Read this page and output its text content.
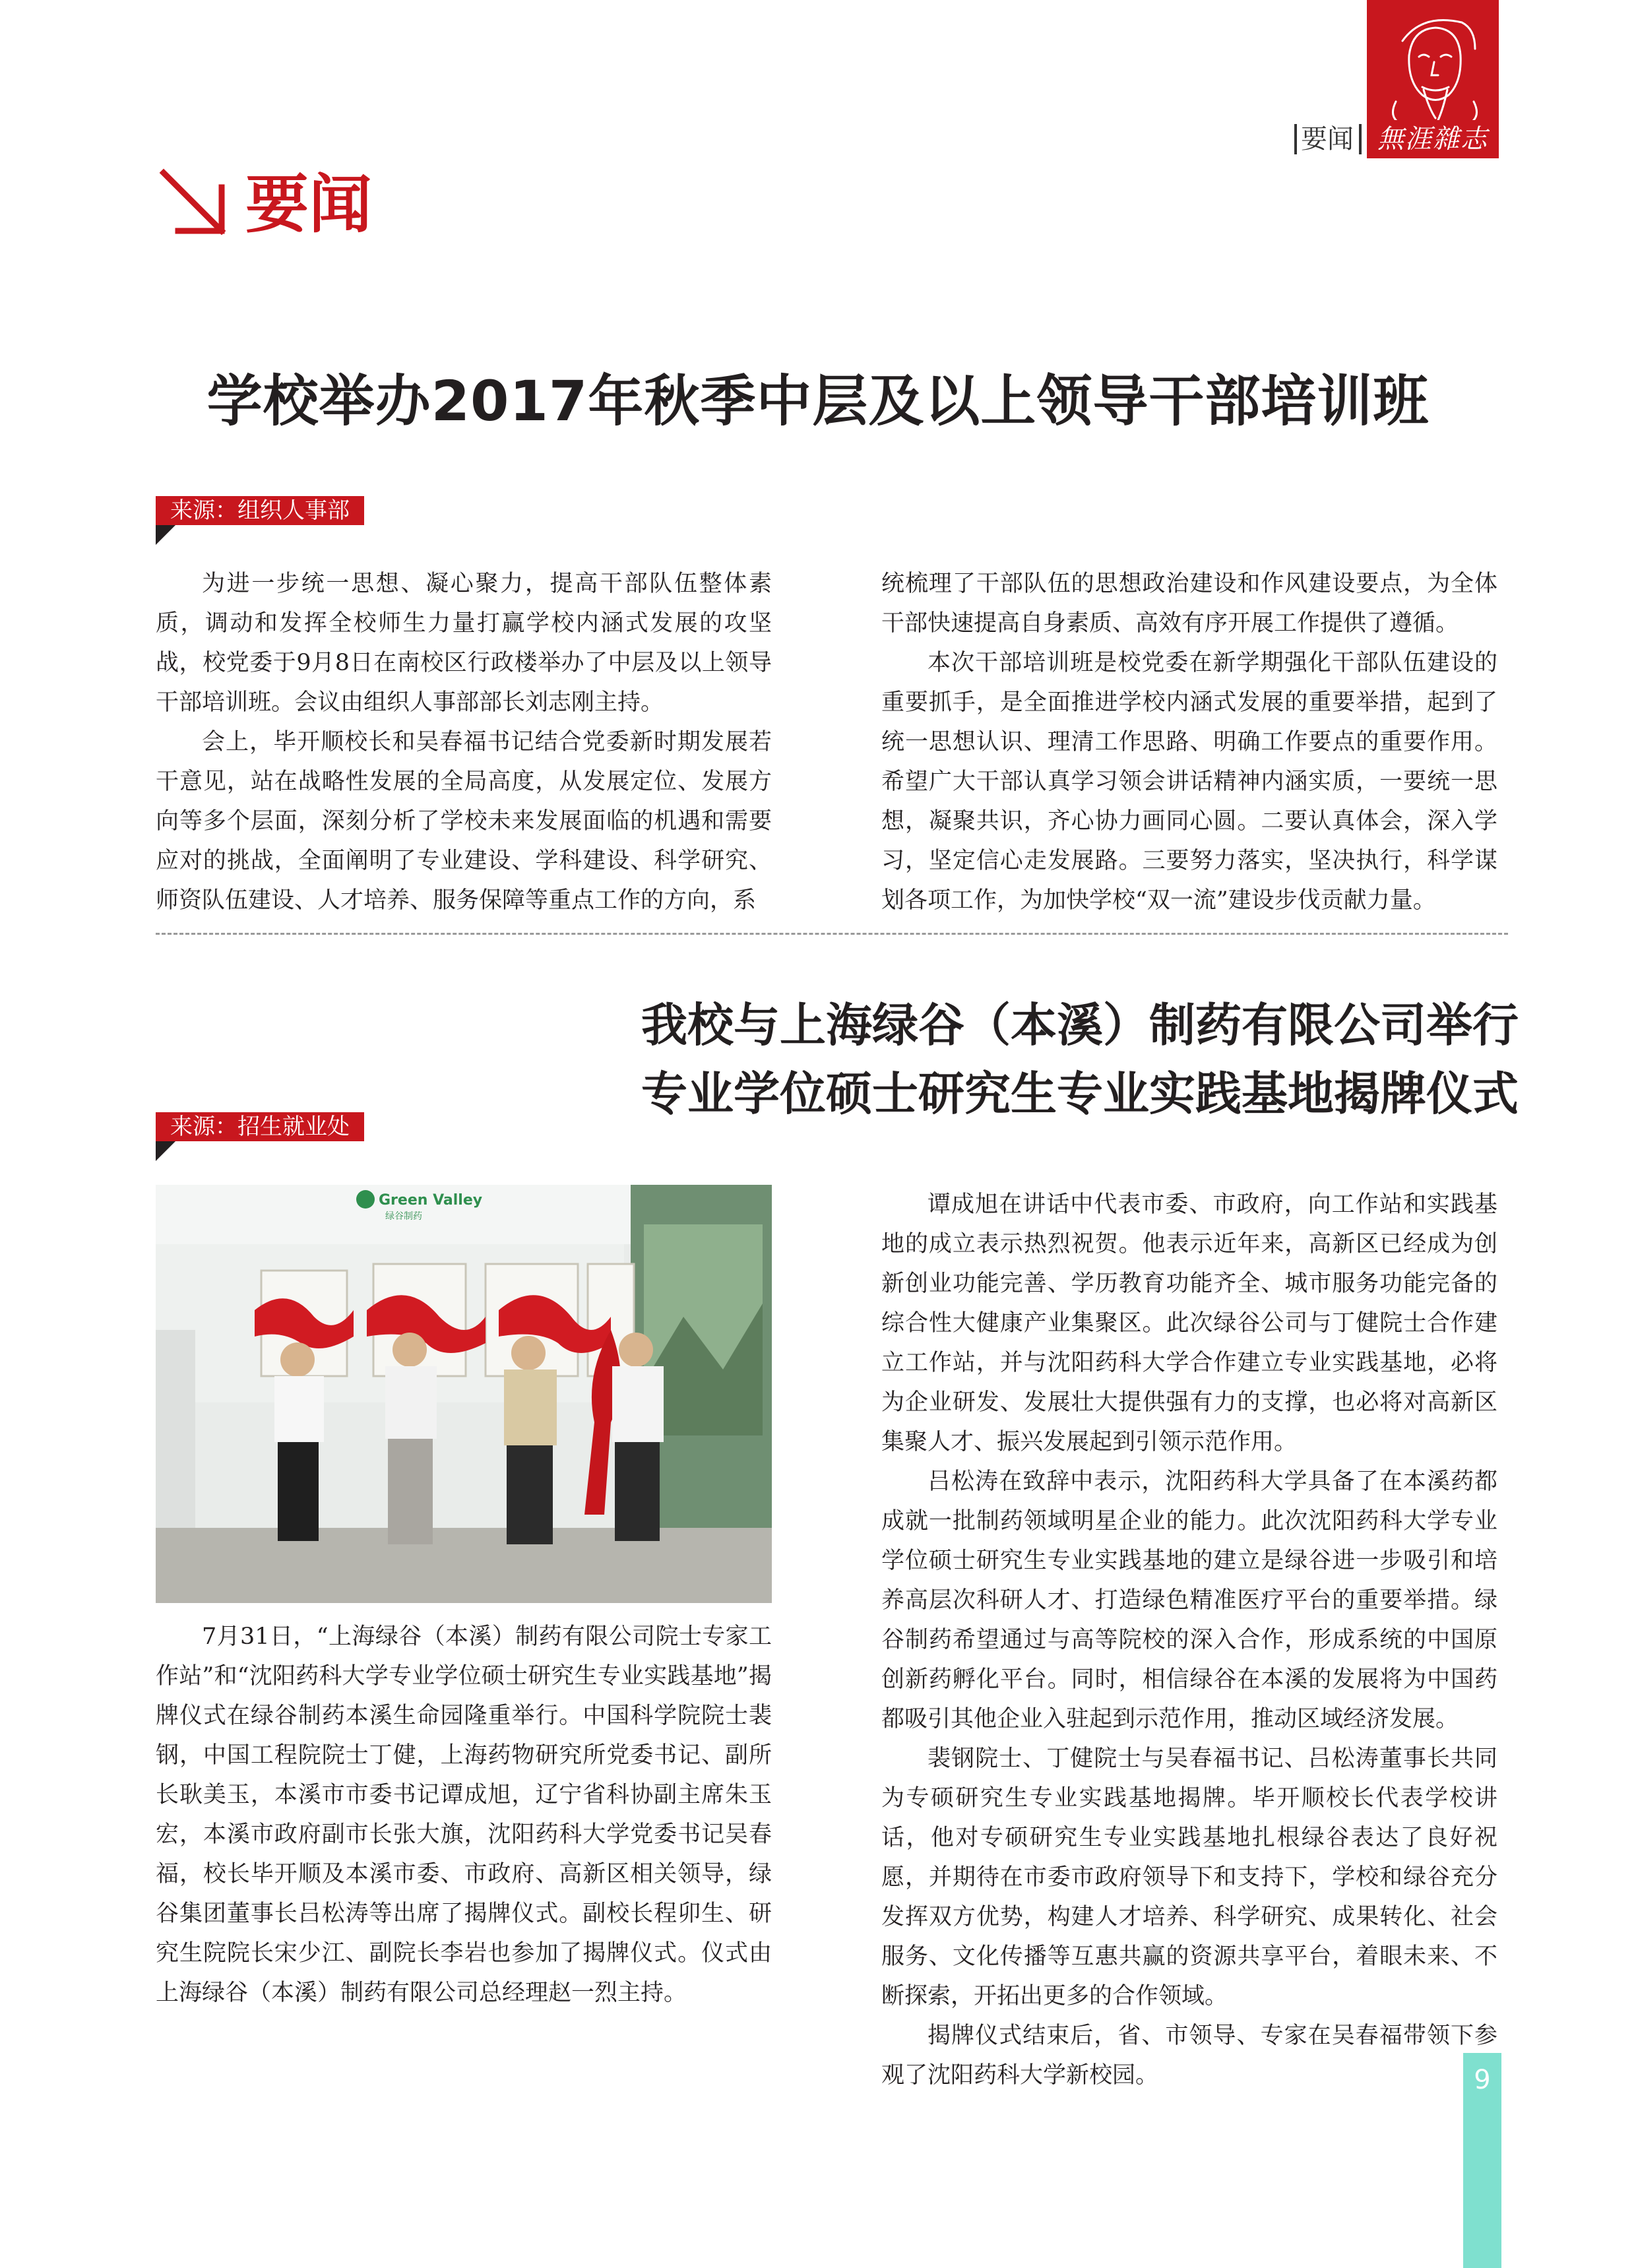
無涯雜志
要闻
要闻
学校举办2017年秋季中层及以上领导干部培训班
来源：组织人事部

为进一步统一思想、凝心聚力，提高干部队伍整体素质，调动和发挥全校师生力量打赢学校内涵式发展的攻坚战，校党委于9月8日在南校区行政楼举办了中层及以上领导干部培训班。会议由组织人事部部长刘志刚主持。

会上，毕开顺校长和吴春福书记结合党委新时期发展若干意见，站在战略性发展的全局高度，从发展定位、发展方向等多个层面，深刻分析了学校未来发展面临的机遇和需要应对的挑战，全面阐明了专业建设、学科建设、科学研究、师资队伍建设、人才培养、服务保障等重点工作的方向，系

统梳理了干部队伍的思想政治建设和作风建设要点，为全体干部快速提高自身素质、高效有序开展工作提供了遵循。

本次干部培训班是校党委在新学期强化干部队伍建设的重要抓手，是全面推进学校内涵式发展的重要举措，起到了统一思想认识、理清工作思路、明确工作要点的重要作用。希望广大干部认真学习领会讲话精神内涵实质，一要统一思想，凝聚共识，齐心协力画同心圆。二要认真体会，深入学习，坚定信心走发展路。三要努力落实，坚决执行，科学谋划各项工作，为加快学校“双一流”建设步伐贡献力量。

我校与上海绿谷（本溪）制药有限公司举行
专业学位硕士研究生专业实践基地揭牌仪式
来源：招生就业处
Green Valley
绿谷制药

7月31日，“上海绿谷（本溪）制药有限公司院士专家工作站”和“沈阳药科大学专业学位硕士研究生专业实践基地”揭牌仪式在绿谷制药本溪生命园隆重举行。中国科学院院士裴钢，中国工程院院士丁健，上海药物研究所党委书记、副所长耿美玉，本溪市市委书记谭成旭，辽宁省科协副主席朱玉宏，本溪市政府副市长张大旗，沈阳药科大学党委书记吴春福，校长毕开顺及本溪市委、市政府、高新区相关领导，绿谷集团董事长吕松涛等出席了揭牌仪式。副校长程卯生、研究生院院长宋少江、副院长李岩也参加了揭牌仪式。仪式由上海绿谷（本溪）制药有限公司总经理赵一烈主持。

谭成旭在讲话中代表市委、市政府，向工作站和实践基地的成立表示热烈祝贺。他表示近年来，高新区已经成为创新创业功能完善、学历教育功能齐全、城市服务功能完备的综合性大健康产业集聚区。此次绿谷公司与丁健院士合作建立工作站，并与沈阳药科大学合作建立专业实践基地，必将为企业研发、发展壮大提供强有力的支撑，也必将对高新区集聚人才、振兴发展起到引领示范作用。

吕松涛在致辞中表示，沈阳药科大学具备了在本溪药都成就一批制药领域明星企业的能力。此次沈阳药科大学专业学位硕士研究生专业实践基地的建立是绿谷进一步吸引和培养高层次科研人才、打造绿色精准医疗平台的重要举措。绿谷制药希望通过与高等院校的深入合作，形成系统的中国原创新药孵化平台。同时，相信绿谷在本溪的发展将为中国药都吸引其他企业入驻起到示范作用，推动区域经济发展。

裴钢院士、丁健院士与吴春福书记、吕松涛董事长共同为专硕研究生专业实践基地揭牌。毕开顺校长代表学校讲话，他对专硕研究生专业实践基地扎根绿谷表达了良好祝愿，并期待在市委市政府领导下和支持下，学校和绿谷充分发挥双方优势，构建人才培养、科学研究、成果转化、社会服务、文化传播等互惠共赢的资源共享平台，着眼未来、不断探索，开拓出更多的合作领域。

揭牌仪式结束后，省、市领导、专家在吴春福带领下参观了沈阳药科大学新校园。	9
